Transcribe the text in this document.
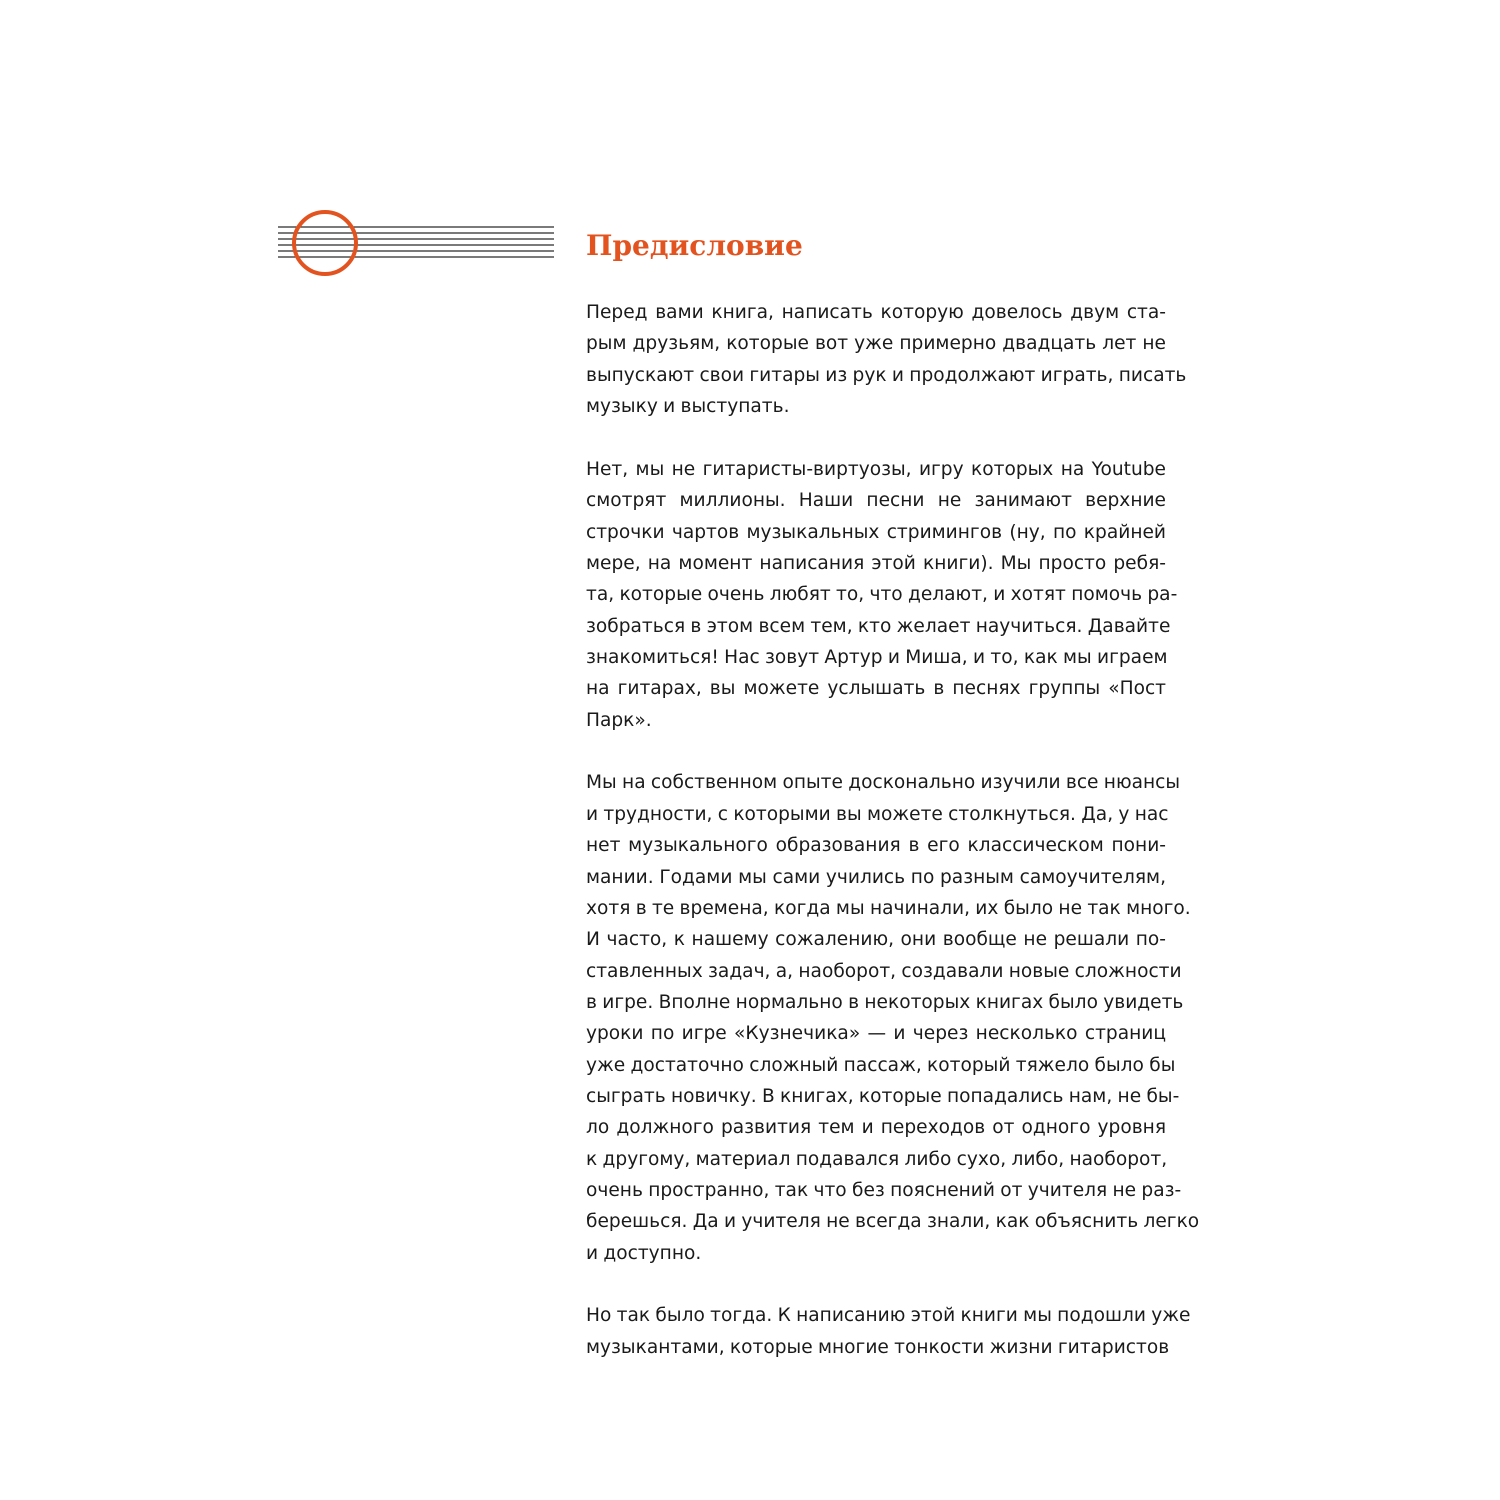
Предисловие

Перед вами книга, написать которую довелось двум ста-
рым друзьям, которые вот уже примерно двадцать лет не
выпускают свои гитары из рук и продолжают играть, писать
музыку и выступать.

Нет, мы не гитаристы-виртуозы, игру которых на Youtube
смотрят миллионы. Наши песни не занимают верхние
строчки чартов музыкальных стримингов (ну, по крайней
мере, на момент написания этой книги). Мы просто ребя-
та, которые очень любят то, что делают, и хотят помочь ра-
зобраться в этом всем тем, кто желает научиться. Давайте
знакомиться! Нас зовут Артур и Миша, и то, как мы играем
на гитарах, вы можете услышать в песнях группы «Пост
Парк».

Мы на собственном опыте досконально изучили все нюансы
и трудности, с которыми вы можете столкнуться. Да, у нас
нет музыкального образования в его классическом пони-
мании. Годами мы сами учились по разным самоучителям,
хотя в те времена, когда мы начинали, их было не так много.
И часто, к нашему сожалению, они вообще не решали по-
ставленных задач, а, наоборот, создавали новые сложности
в игре. Вполне нормально в некоторых книгах было увидеть
уроки по игре «Кузнечика» — и через несколько страниц
уже достаточно сложный пассаж, который тяжело было бы
сыграть новичку. В книгах, которые попадались нам, не бы-
ло должного развития тем и переходов от одного уровня
к другому, материал подавался либо сухо, либо, наоборот,
очень пространно, так что без пояснений от учителя не раз-
берешься. Да и учителя не всегда знали, как объяснить легко
и доступно.

Но так было тогда. К написанию этой книги мы подошли уже
музыкантами, которые многие тонкости жизни гитаристов
